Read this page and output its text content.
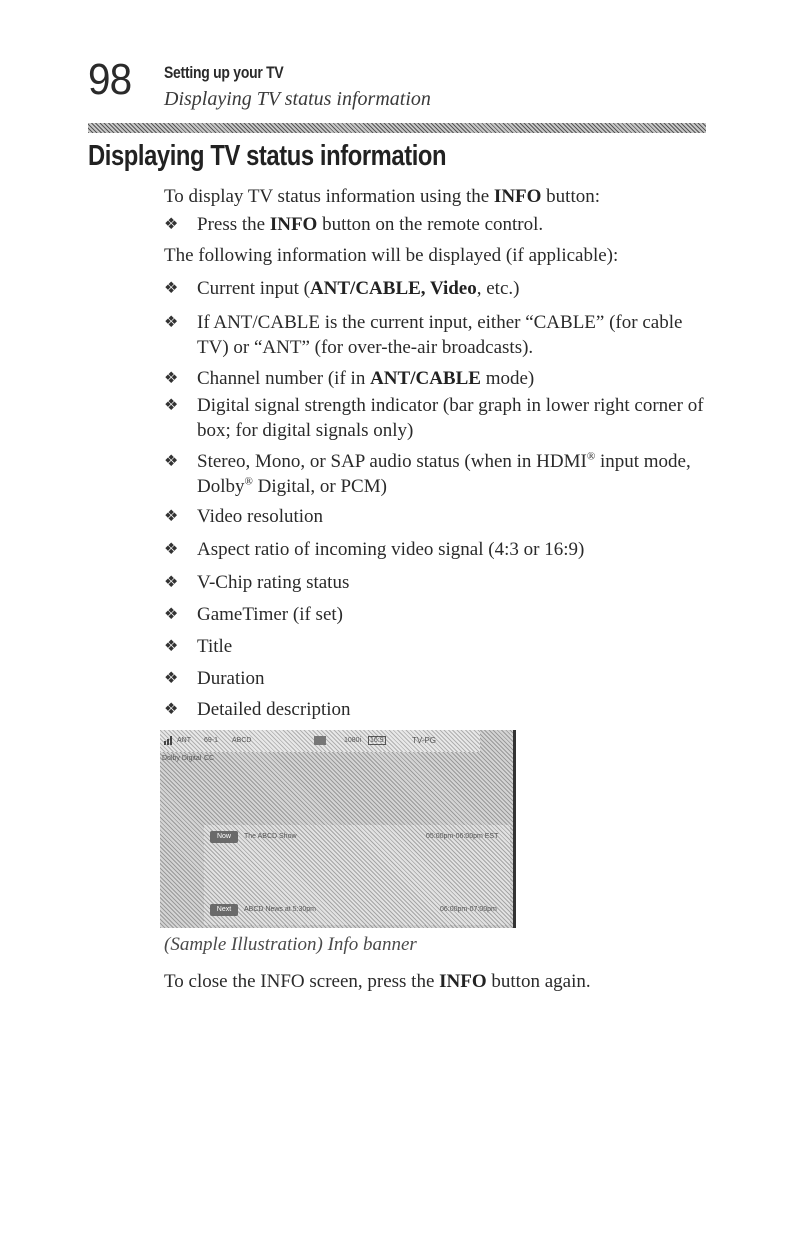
98 Setting up your TV
Displaying TV status information
Displaying TV status information
To display TV status information using the INFO button:
❖ Press the INFO button on the remote control.
The following information will be displayed (if applicable):
❖ Current input (ANT/CABLE, Video, etc.)
❖ If ANT/CABLE is the current input, either “CABLE” (for cable TV) or “ANT” (for over-the-air broadcasts).
❖ Channel number (if in ANT/CABLE mode)
❖ Digital signal strength indicator (bar graph in lower right corner of box; for digital signals only)
❖ Stereo, Mono, or SAP audio status (when in HDMI® input mode, Dolby® Digital, or PCM)
❖ Video resolution
❖ Aspect ratio of incoming video signal (4:3 or 16:9)
❖ V-Chip rating status
❖ GameTimer (if set)
❖ Title
❖ Duration
❖ Detailed description
ANT 69-1 ABCD	1080i 16:9	TV-PG
Dolby Digital CC
Now	The ABCD Show	05:00pm-06:00pm EST
Next	ABCD News at 5:30pm	06:00pm-07:00pm
(Sample Illustration) Info banner
To close the INFO screen, press the INFO button again.
